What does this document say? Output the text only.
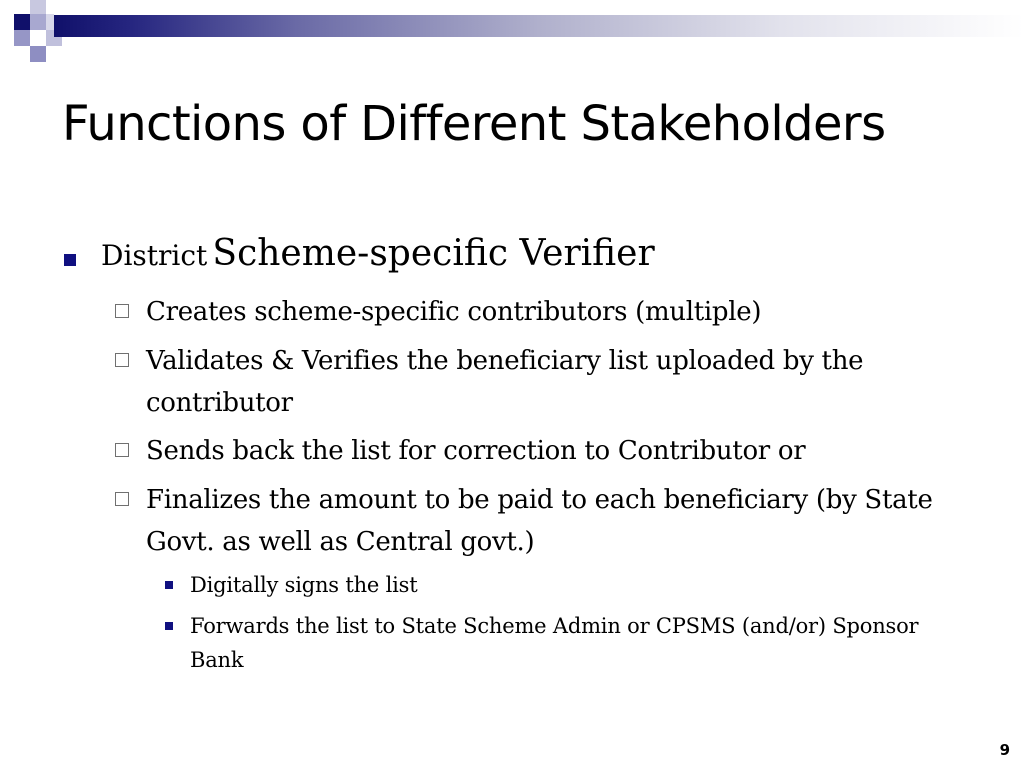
Functions of Different Stakeholders
District Scheme-specific Verifier
Creates scheme-specific contributors (multiple)
Validates & Verifies the beneficiary list uploaded by the contributor
Sends back the list for correction to Contributor or
Finalizes the amount to be paid to each beneficiary (by State Govt. as well as Central govt.)
Digitally signs the list
Forwards the list to State Scheme Admin or CPSMS (and/or) Sponsor Bank
9
